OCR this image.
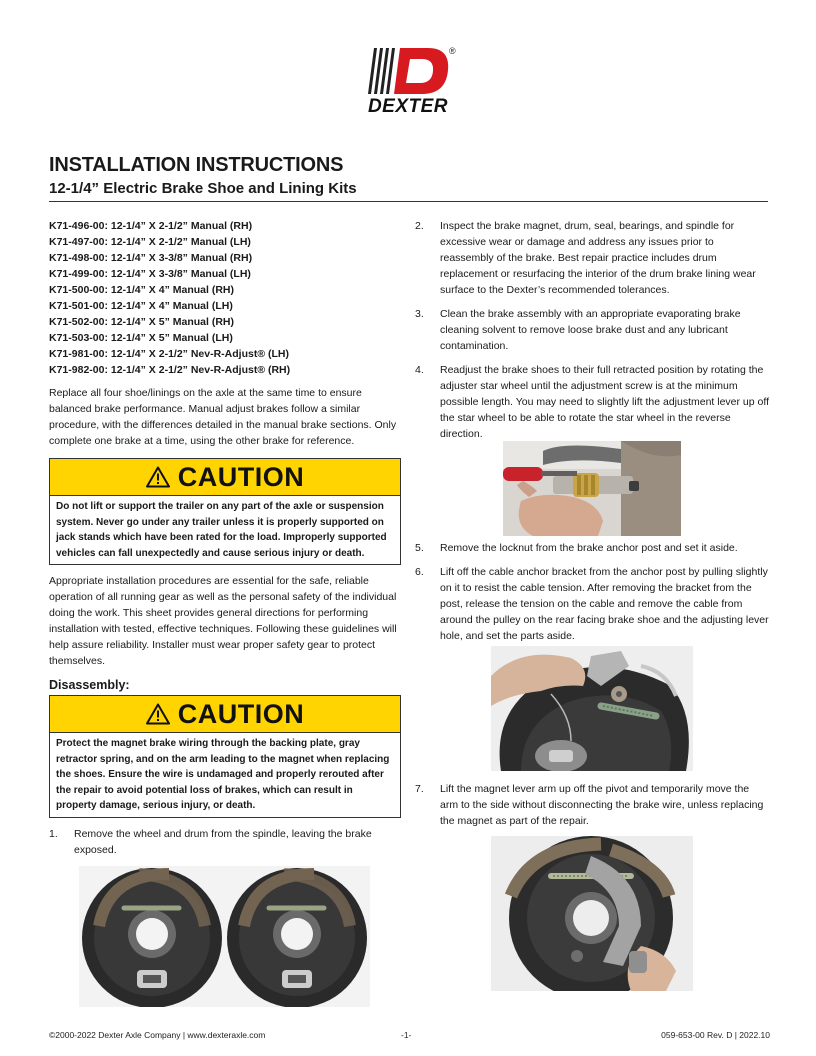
®
DEXTER
INSTALLATION INSTRUCTIONS
12-1/4” Electric Brake Shoe and Lining Kits
K71-496-00: 12-1/4” X 2-1/2” Manual (RH)
K71-497-00: 12-1/4” X 2-1/2” Manual (LH)
K71-498-00: 12-1/4” X 3-3/8” Manual (RH)
K71-499-00: 12-1/4” X 3-3/8” Manual (LH)
K71-500-00: 12-1/4” X 4” Manual (RH)
K71-501-00: 12-1/4” X 4” Manual (LH)
K71-502-00: 12-1/4” X 5” Manual (RH)
K71-503-00: 12-1/4” X 5” Manual (LH)
K71-981-00: 12-1/4” X 2-1/2” Nev-R-Adjust® (LH)
K71-982-00: 12-1/4” X 2-1/2” Nev-R-Adjust® (RH)

Replace all four shoe/linings on the axle at the same time to ensure balanced brake performance. Manual adjust brakes follow a similar procedure, with the differences detailed in the manual brake sections. Only complete one brake at a time, using the other brake for reference.

CAUTION
Do not lift or support the trailer on any part of the axle or suspension system. Never go under any trailer unless it is properly supported on jack stands which have been rated for the load. Improperly supported vehicles can fall unexpectedly and cause serious injury or death.

Appropriate installation procedures are essential for the safe, reliable operation of all running gear as well as the personal safety of the individual doing the work. This sheet provides general directions for performing installation with tested, effective techniques. Following these guidelines will help assure reliability. Installer must wear proper safety gear to protect themselves.

Disassembly:
CAUTION
Protect the magnet brake wiring through the backing plate, gray retractor spring, and on the arm leading to the magnet when replacing the shoes. Ensure the wire is undamaged and properly rerouted after the repair to avoid potential loss of brakes, which can result in property damage, serious injury, or death.
1.	Remove the wheel and drum from the spindle, leaving the brake exposed.
2.	Inspect the brake magnet, drum, seal, bearings, and spindle for excessive wear or damage and address any issues prior to reassembly of the brake. Best repair practice includes drum replacement or resurfacing the interior of the drum brake lining wear surface to the Dexter’s recommended tolerances.
3.	Clean the brake assembly with an appropriate evaporating brake cleaning solvent to remove loose brake dust and any lubricant contamination.
4.	Readjust the brake shoes to their full retracted position by rotating the adjuster star wheel until the adjustment screw is at the minimum possible length. You may need to slightly lift the adjustment lever up off the star wheel to be able to rotate the star wheel in the reverse direction.
5.	Remove the locknut from the brake anchor post and set it aside.
6.	Lift off the cable anchor bracket from the anchor post by pulling slightly on it to resist the cable tension. After removing the bracket from the post, release the tension on the cable and remove the cable from around the pulley on the rear facing brake shoe and the adjusting lever hole, and set the parts aside.
7.	Lift the magnet lever arm up off the pivot and temporarily move the arm to the side without disconnecting the brake wire, unless replacing the magnet as part of the repair.
©2000-2022 Dexter Axle Company | www.dexteraxle.com	-1-	059-653-00 Rev. D | 2022.10
